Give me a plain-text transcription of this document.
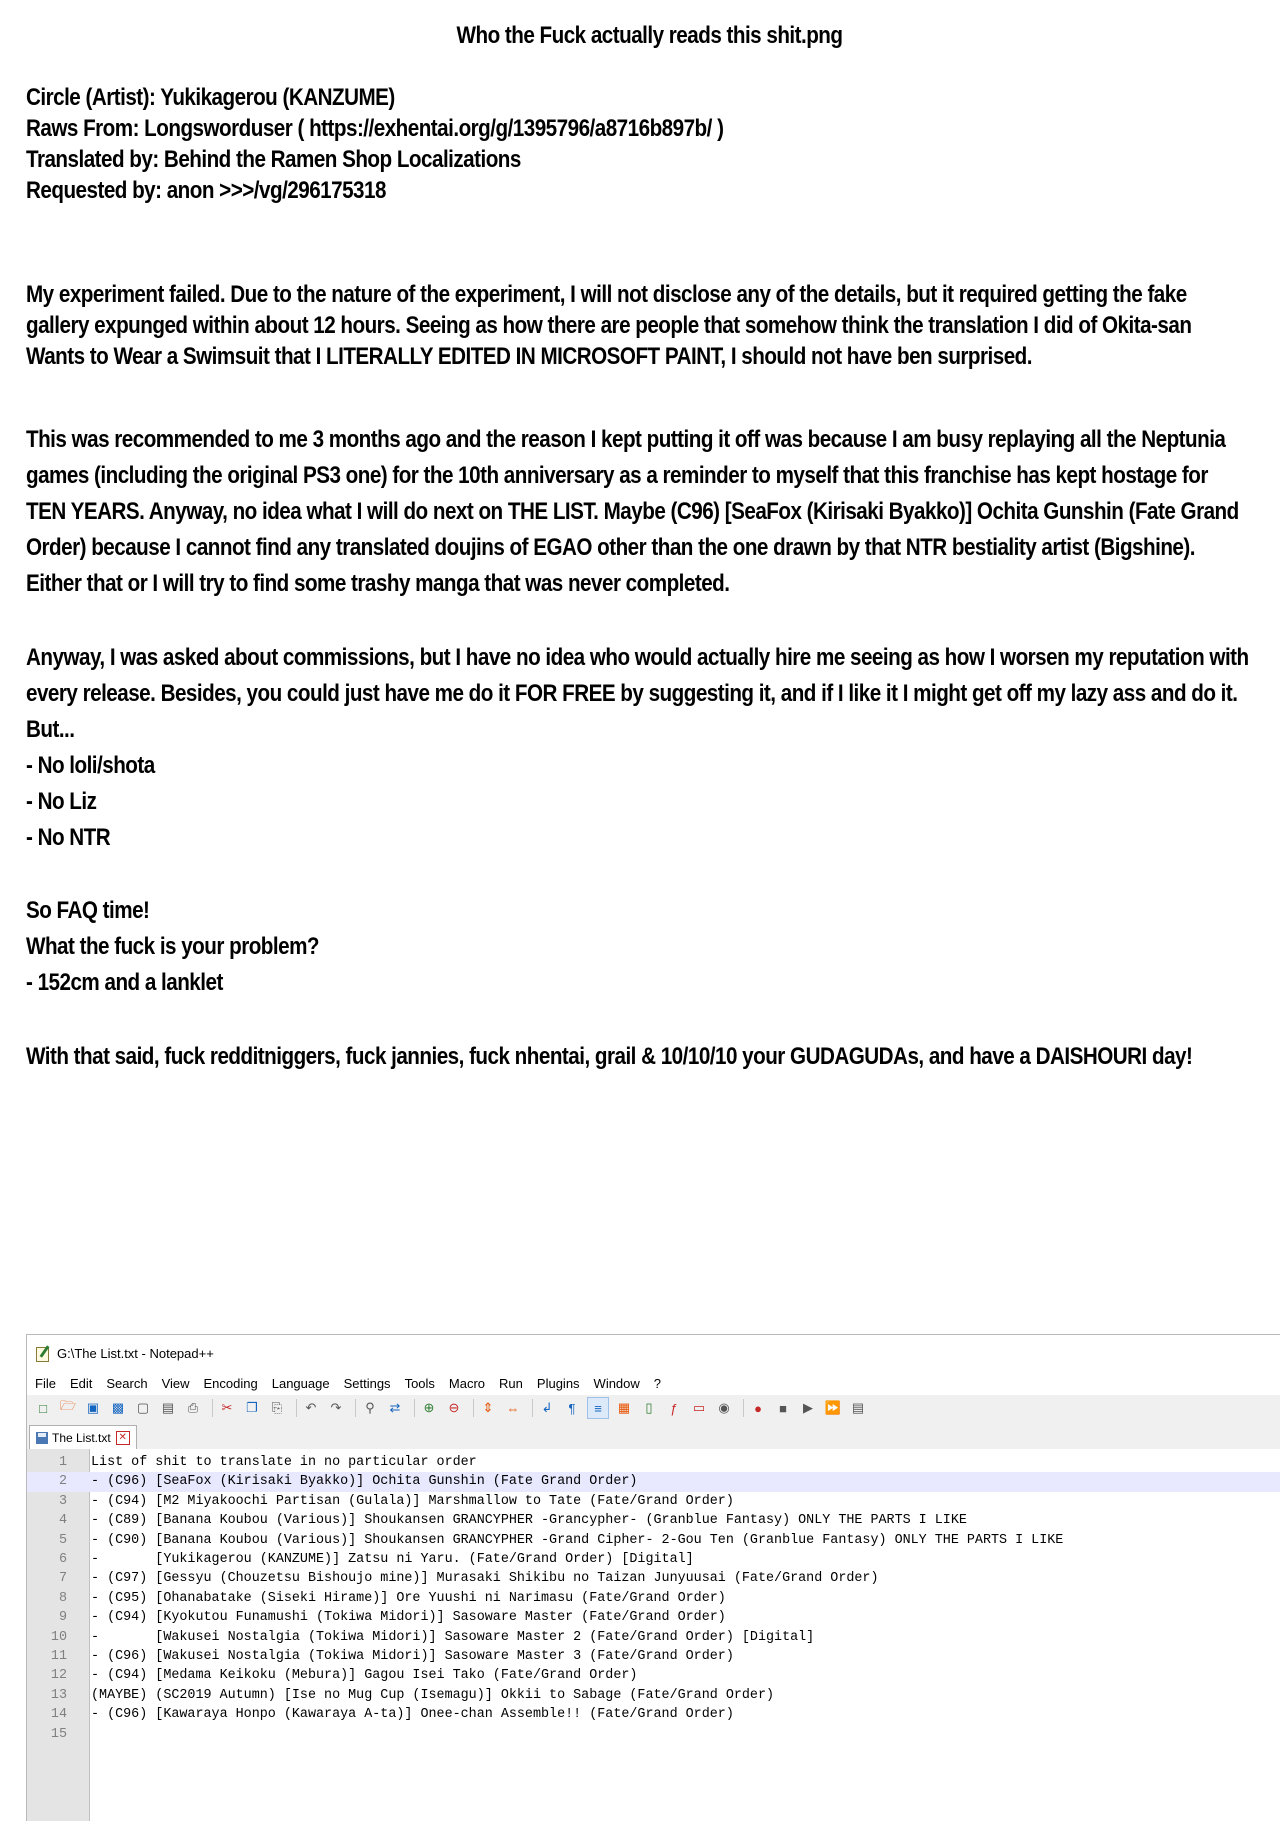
Who the Fuck actually reads this shit.png
Circle (Artist): Yukikagerou (KANZUME)
Raws From: Longsworduser ( https://exhentai.org/g/1395796/a8716b897b/ )
Translated by: Behind the Ramen Shop Localizations
Requested by: anon >>>/vg/296175318
My experiment failed. Due to the nature of the experiment, I will not disclose any of the details, but it required getting the fake
gallery expunged within about 12 hours. Seeing as how there are people that somehow think the translation I did of Okita-san
Wants to Wear a Swimsuit that I LITERALLY EDITED IN MICROSOFT PAINT, I should not have ben surprised.
This was recommended to me 3 months ago and the reason I kept putting it off was because I am busy replaying all the Neptunia
games (including the original PS3 one) for the 10th anniversary as a reminder to myself that this franchise has kept hostage for
TEN YEARS. Anyway, no idea what I will do next on THE LIST. Maybe (C96) [SeaFox (Kirisaki Byakko)] Ochita Gunshin (Fate Grand
Order) because I cannot find any translated doujins of EGAO other than the one drawn by that NTR bestiality artist (Bigshine).
Either that or I will try to find some trashy manga that was never completed.
Anyway, I was asked about commissions, but I have no idea who would actually hire me seeing as how I worsen my reputation with
every release. Besides, you could just have me do it FOR FREE by suggesting it, and if I like it I might get off my lazy ass and do it.
But...
- No loli/shota
- No Liz
- No NTR
So FAQ time!
What the fuck is your problem?
- 152cm and a lanklet
With that said, fuck redditniggers, fuck jannies, fuck nhentai, grail & 10/10/10 your GUDAGUDAs, and have a DAISHOURI day!
G:\The List.txt - Notepad++
File Edit Search View Encoding Language Settings Tools Macro Run Plugins Window ?
□	🗁 ▣ ▩ ▢ ▤	⎙	✂	❐	⎘	↶	↷	⚲	⇄	⊕	⊖	⇕	⇔	↲	¶	≡	▦	▯	ƒ	▭	◉	●	■	▶ ⏩ ▤
The List.txt ✕
1 List of shit to translate in no particular order
2 - (C96) [SeaFox (Kirisaki Byakko)] Ochita Gunshin (Fate Grand Order)
3 - (C94) [M2 Miyakoochi Partisan (Gulala)] Marshmallow to Tate (Fate/Grand Order)
4 - (C89) [Banana Koubou (Various)] Shoukansen GRANCYPHER -Grancypher- (Granblue Fantasy) ONLY THE PARTS I LIKE
5 - (C90) [Banana Koubou (Various)] Shoukansen GRANCYPHER -Grand Cipher- 2-Gou Ten (Granblue Fantasy) ONLY THE PARTS I LIKE
6 -       [Yukikagerou (KANZUME)] Zatsu ni Yaru. (Fate/Grand Order) [Digital]
7 - (C97) [Gessyu (Chouzetsu Bishoujo mine)] Murasaki Shikibu no Taizan Junyuusai (Fate/Grand Order)
8 - (C95) [Ohanabatake (Siseki Hirame)] Ore Yuushi ni Narimasu (Fate/Grand Order)
9 - (C94) [Kyokutou Funamushi (Tokiwa Midori)] Sasoware Master (Fate/Grand Order)
10 -       [Wakusei Nostalgia (Tokiwa Midori)] Sasoware Master 2 (Fate/Grand Order) [Digital]
11 - (C96) [Wakusei Nostalgia (Tokiwa Midori)] Sasoware Master 3 (Fate/Grand Order)
12 - (C94) [Medama Keikoku (Mebura)] Gagou Isei Tako (Fate/Grand Order)
13 (MAYBE) (SC2019 Autumn) [Ise no Mug Cup (Isemagu)] Okkii to Sabage (Fate/Grand Order)
14 - (C96) [Kawaraya Honpo (Kawaraya A-ta)] Onee-chan Assemble!! (Fate/Grand Order)
15
